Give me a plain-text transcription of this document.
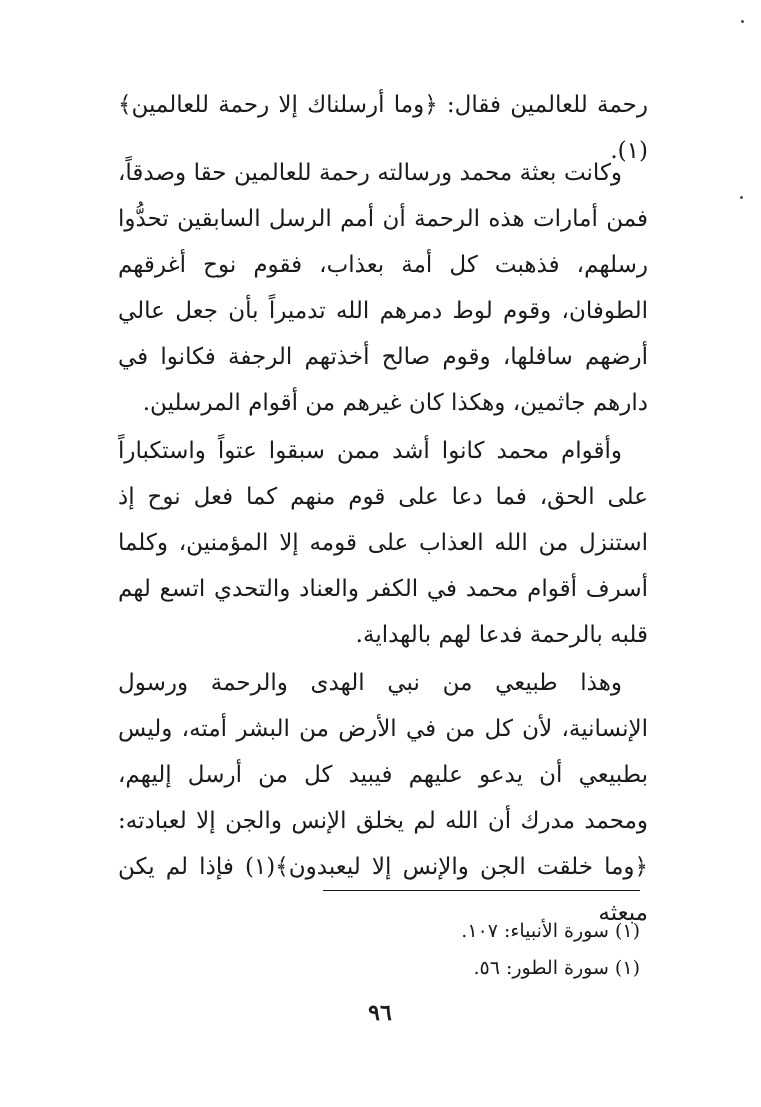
رحمة للعالمين فقال: ﴿وما أرسلناك إلا رحمة للعالمين﴾(١).

وكانت بعثة محمد ورسالته رحمة للعالمين حقا وصدقاً، فمن أمارات هذه الرحمة أن أمم الرسل السابقين تحدُّوا رسلهم، فذهبت كل أمة بعذاب، فقوم نوح أغرقهم الطوفان، وقوم لوط دمرهم الله تدميراً بأن جعل عالي أرضهم سافلها، وقوم صالح أخذتهم الرجفة فكانوا في دارهم جاثمين، وهكذا كان غيرهم من أقوام المرسلين.

وأقوام محمد كانوا أشد ممن سبقوا عتواً واستكباراً على الحق، فما دعا على قوم منهم كما فعل نوح إذ استنزل من الله العذاب على قومه إلا المؤمنين، وكلما أسرف أقوام محمد في الكفر والعناد والتحدي اتسع لهم قلبه بالرحمة فدعا لهم بالهداية.

وهذا طبيعي من نبي الهدى والرحمة ورسول الإنسانية، لأن كل من في الأرض من البشر أمته، وليس بطبيعي أن يدعو عليهم فيبيد كل من أرسل إليهم، ومحمد مدرك أن الله لم يخلق الإنس والجن إلا لعبادته: ﴿وما خلقت الجن والإنس إلا ليعبدون﴾(١) فإذا لم يكن مبعثه

(١) سورة الأنبياء: ١٠٧.

(١) سورة الطور: ٥٦.

٩٦
